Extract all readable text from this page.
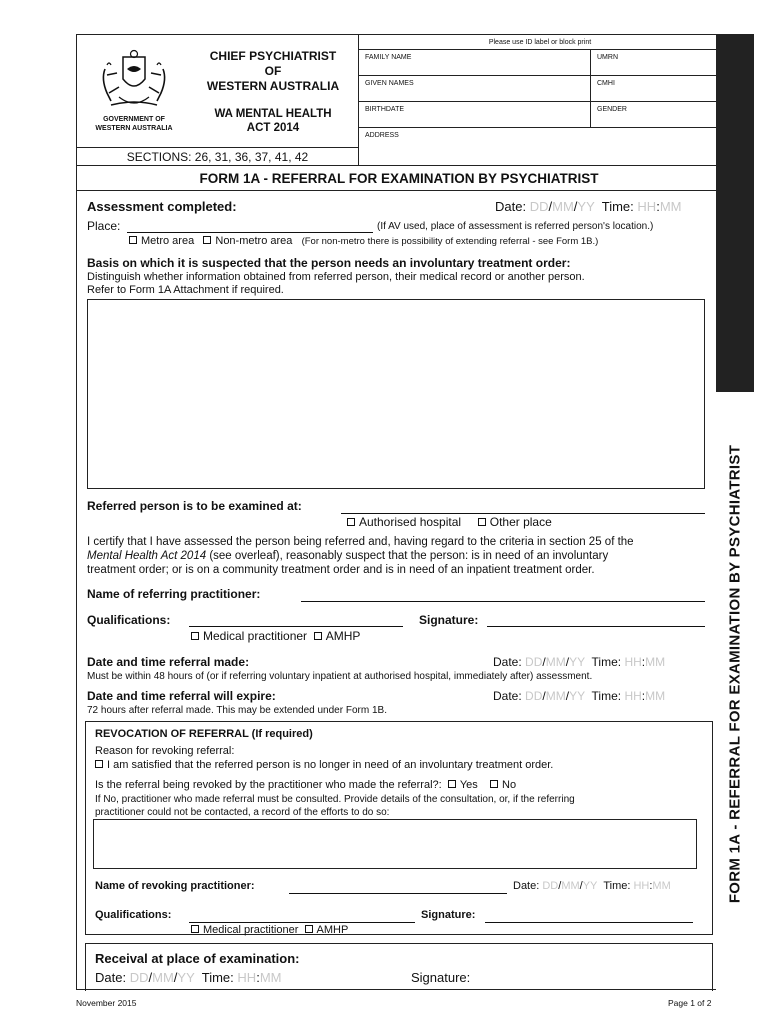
GOVERNMENT OF
WESTERN AUSTRALIA
CHIEF PSYCHIATRIST
OF
WESTERN AUSTRALIA
WA MENTAL HEALTH
ACT 2014
Please use ID label or block print
FAMILY NAME	UMRN
GIVEN NAMES	CMHI
BIRTHDATE	GENDER
ADDRESS
SECTIONS: 26, 31, 36, 37, 41, 42
FORM 1A - REFERRAL FOR EXAMINATION BY PSYCHIATRIST
Assessment completed:	Date: DD/MM/YY Time: HH:MM
Place:	(If AV used, place of assessment is referred person's location.)
Metro area Non-metro area (For non-metro there is possibility of extending referral - see Form 1B.)
Basis on which it is suspected that the person needs an involuntary treatment order:
Distinguish whether information obtained from referred person, their medical record or another person.
Refer to Form 1A Attachment if required.
Referred person is to be examined at:
Authorised hospital Other place
I certify that I have assessed the person being referred and, having regard to the criteria in section 25 of the
Mental Health Act 2014 (see overleaf), reasonably suspect that the person: is in need of an involuntary
treatment order; or is on a community treatment order and is in need of an inpatient treatment order.
Name of referring practitioner:
Qualifications:	Signature:
Medical practitioner AMHP
Date and time referral made:	Date: DD/MM/YY Time: HH:MM
Must be within 48 hours of (or if referring voluntary inpatient at authorised hospital, immediately after) assessment.
Date and time referral will expire:	Date: DD/MM/YY Time: HH:MM
72 hours after referral made. This may be extended under Form 1B.
REVOCATION OF REFERRAL (If required)
Reason for revoking referral:
I am satisfied that the referred person is no longer in need of an involuntary treatment order.
Is the referral being revoked by the practitioner who made the referral?: Yes No
If No, practitioner who made referral must be consulted. Provide details of the consultation, or, if the referring
practitioner could not be contacted, a record of the efforts to do so:
Name of revoking practitioner:	Date: DD/MM/YY Time: HH:MM
Qualifications:	Signature:
Medical practitioner AMHP
Receival at place of examination:
Date: DD/MM/YY Time: HH:MM	Signature:
FORM 1A - REFERRAL FOR EXAMINATION BY PSYCHIATRIST
November 2015	Page 1 of 2
